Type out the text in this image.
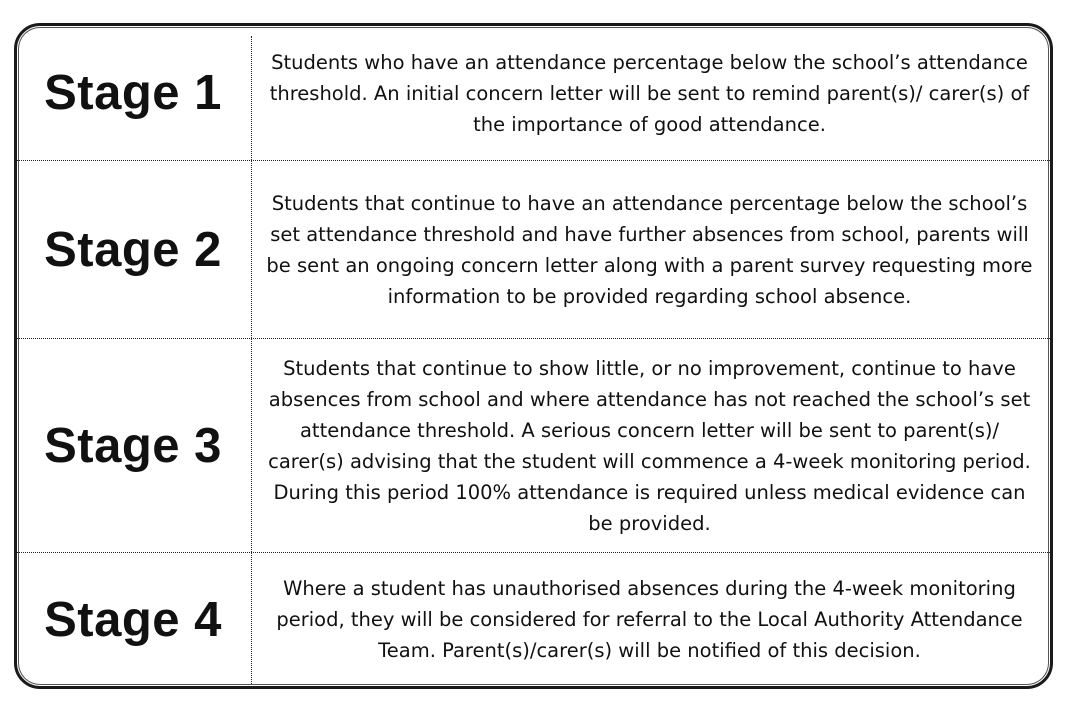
Stage 1
Students who have an attendance percentage below the school’s attendance threshold. An initial concern letter will be sent to remind parent(s)/ carer(s) of the importance of good attendance.
Stage 2
Students that continue to have an attendance percentage below the school’s set attendance threshold and have further absences from school, parents will be sent an ongoing concern letter along with a parent survey requesting more information to be provided regarding school absence.
Stage 3
Students that continue to show little, or no improvement, continue to have absences from school and where attendance has not reached the school’s set attendance threshold. A serious concern letter will be sent to parent(s)/ carer(s) advising that the student will commence a 4-week monitoring period. During this period 100% attendance is required unless medical evidence can be provided.
Stage 4
Where a student has unauthorised absences during the 4-week monitoring period, they will be considered for referral to the Local Authority Attendance Team. Parent(s)/carer(s) will be notified of this decision.
